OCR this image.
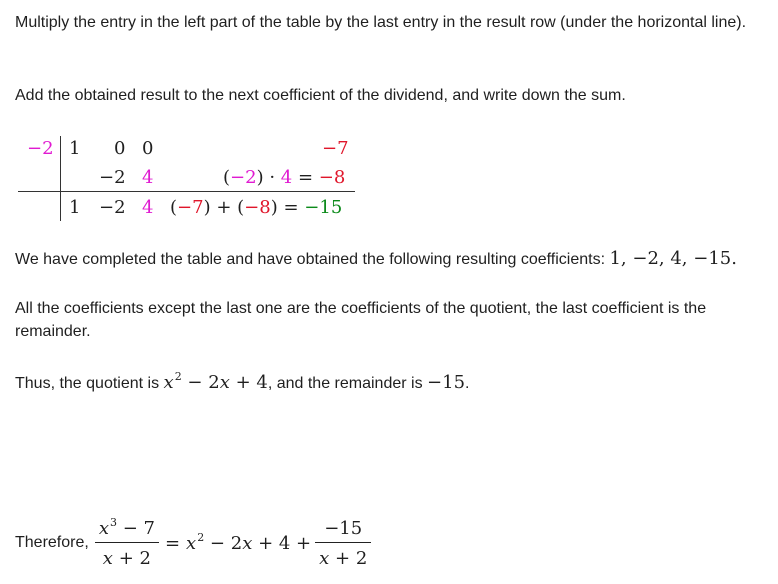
Multiply the entry in the left part of the table by the last entry in the result row (under the horizontal line).

Add the obtained result to the next coefficient of the dividend, and write down the sum.

−2 1 0 0	−7
−2 4	(−2) · 4 = −8
1 −2 4 (−7) + (−8) = −15

We have completed the table and have obtained the following resulting coefficients: 1, −2, 4, −15.

All the coefficients except the last one are the coefficients of the quotient, the last coefficient is the remainder.

Thus, the quotient is $x^2 - 2x + 4$, and the remainder is −15.

Therefore, $\frac{x^3 - 7}{x + 2} = x^2 - 2x + 4 + \frac{-15}{x + 2}$
